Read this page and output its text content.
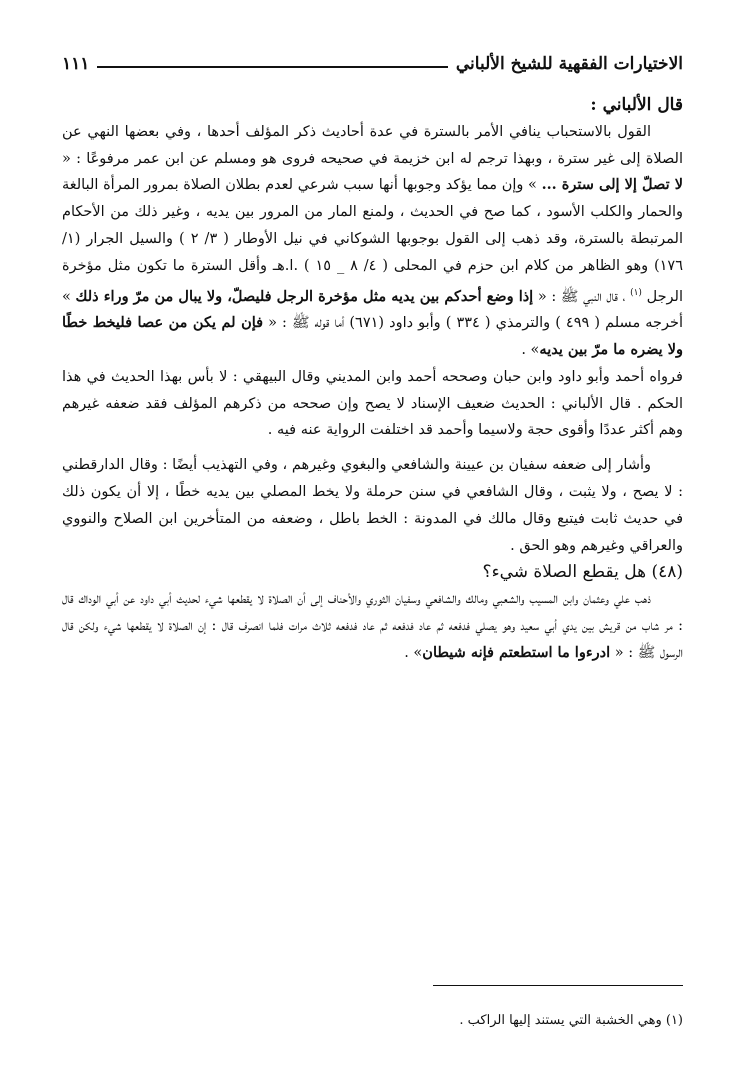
الاختيارات الفقهية للشيخ الألباني
١١١

قال الألباني :

القول بالاستحباب ينافي الأمر بالسترة في عدة أحاديث ذكر المؤلف أحدها ، وفي بعضها النهي عن الصلاة إلى غير سترة ، وبهذا ترجم له ابن خزيمة في صحيحه فروى هو ومسلم عن ابن عمر مرفوعًا : « لا تصلّ إلا إلى سترة ... » وإن مما يؤكد وجوبها أنها سبب شرعي لعدم بطلان الصلاة بمرور المرأة البالغة والحمار والكلب الأسود ، كما صح في الحديث ، ولمنع المار من المرور بين يديه ، وغير ذلك من الأحكام المرتبطة بالسترة، وقد ذهب إلى القول بوجوبها الشوكاني في نيل الأوطار ( ٣/ ٢ ) والسيل الجرار (١/ ١٧٦) وهو الظاهر من كلام ابن حزم في المحلى ( ٤/ ٨ _ ١٥ ) .ا.هـ وأقل السترة ما تكون مثل مؤخرة الرجل $^{(١)}$ ، قال النبي ﷺ : « إذا وضع أحدكم بين يديه مثل مؤخرة الرجل فليصلّ، ولا يبال من مرّ وراء ذلك » أخرجه مسلم ( ٤٩٩ ) والترمذي ( ٣٣٤ ) وأبو داود (٦٧١) أما قوله ﷺ : « فإن لم يكن من عصا فليخط خطًا ولا يضره ما مرّ بين يديه» .

فرواه أحمد وأبو داود وابن حبان وصححه أحمد وابن المديني وقال البيهقي : لا بأس بهذا الحديث في هذا الحكم . قال الألباني : الحديث ضعيف الإسناد لا يصح وإن صححه من ذكرهم المؤلف فقد ضعفه غيرهم وهم أكثر عددًا وأقوى حجة ولاسيما وأحمد قد اختلفت الرواية عنه فيه .

وأشار إلى ضعفه سفيان بن عيينة والشافعي والبغوي وغيرهم ، وفي التهذيب أيضًا : وقال الدارقطني : لا يصح ، ولا يثبت ، وقال الشافعي في سنن حرملة ولا يخط المصلي بين يديه خطًا ، إلا أن يكون ذلك في حديث ثابت فيتبع وقال مالك في المدونة : الخط باطل ، وضعفه من المتأخرين ابن الصلاح والنووي والعراقي وغيرهم وهو الحق .

(٤٨) هل يقطع الصلاة شيء؟

ذهب علي وعثمان وابن المسيب والشعبي ومالك والشافعي وسفيان الثوري والأحناف إلى أن الصلاة لا يقطعها شيء لحديث أبي داود عن أبي الوداك قال : مر شاب من قريش بين يدي أبي سعيد وهو يصلي فدفعه ثم عاد فدفعه ثم عاد فدفعه ثلاث مرات فلما انصرف قال : إن الصلاة لا يقطعها شيء ولكن قال الرسول ﷺ : « ادرءوا ما استطعتم فإنه شيطان» .

(١) وهي الخشبة التي يستند إليها الراكب .
